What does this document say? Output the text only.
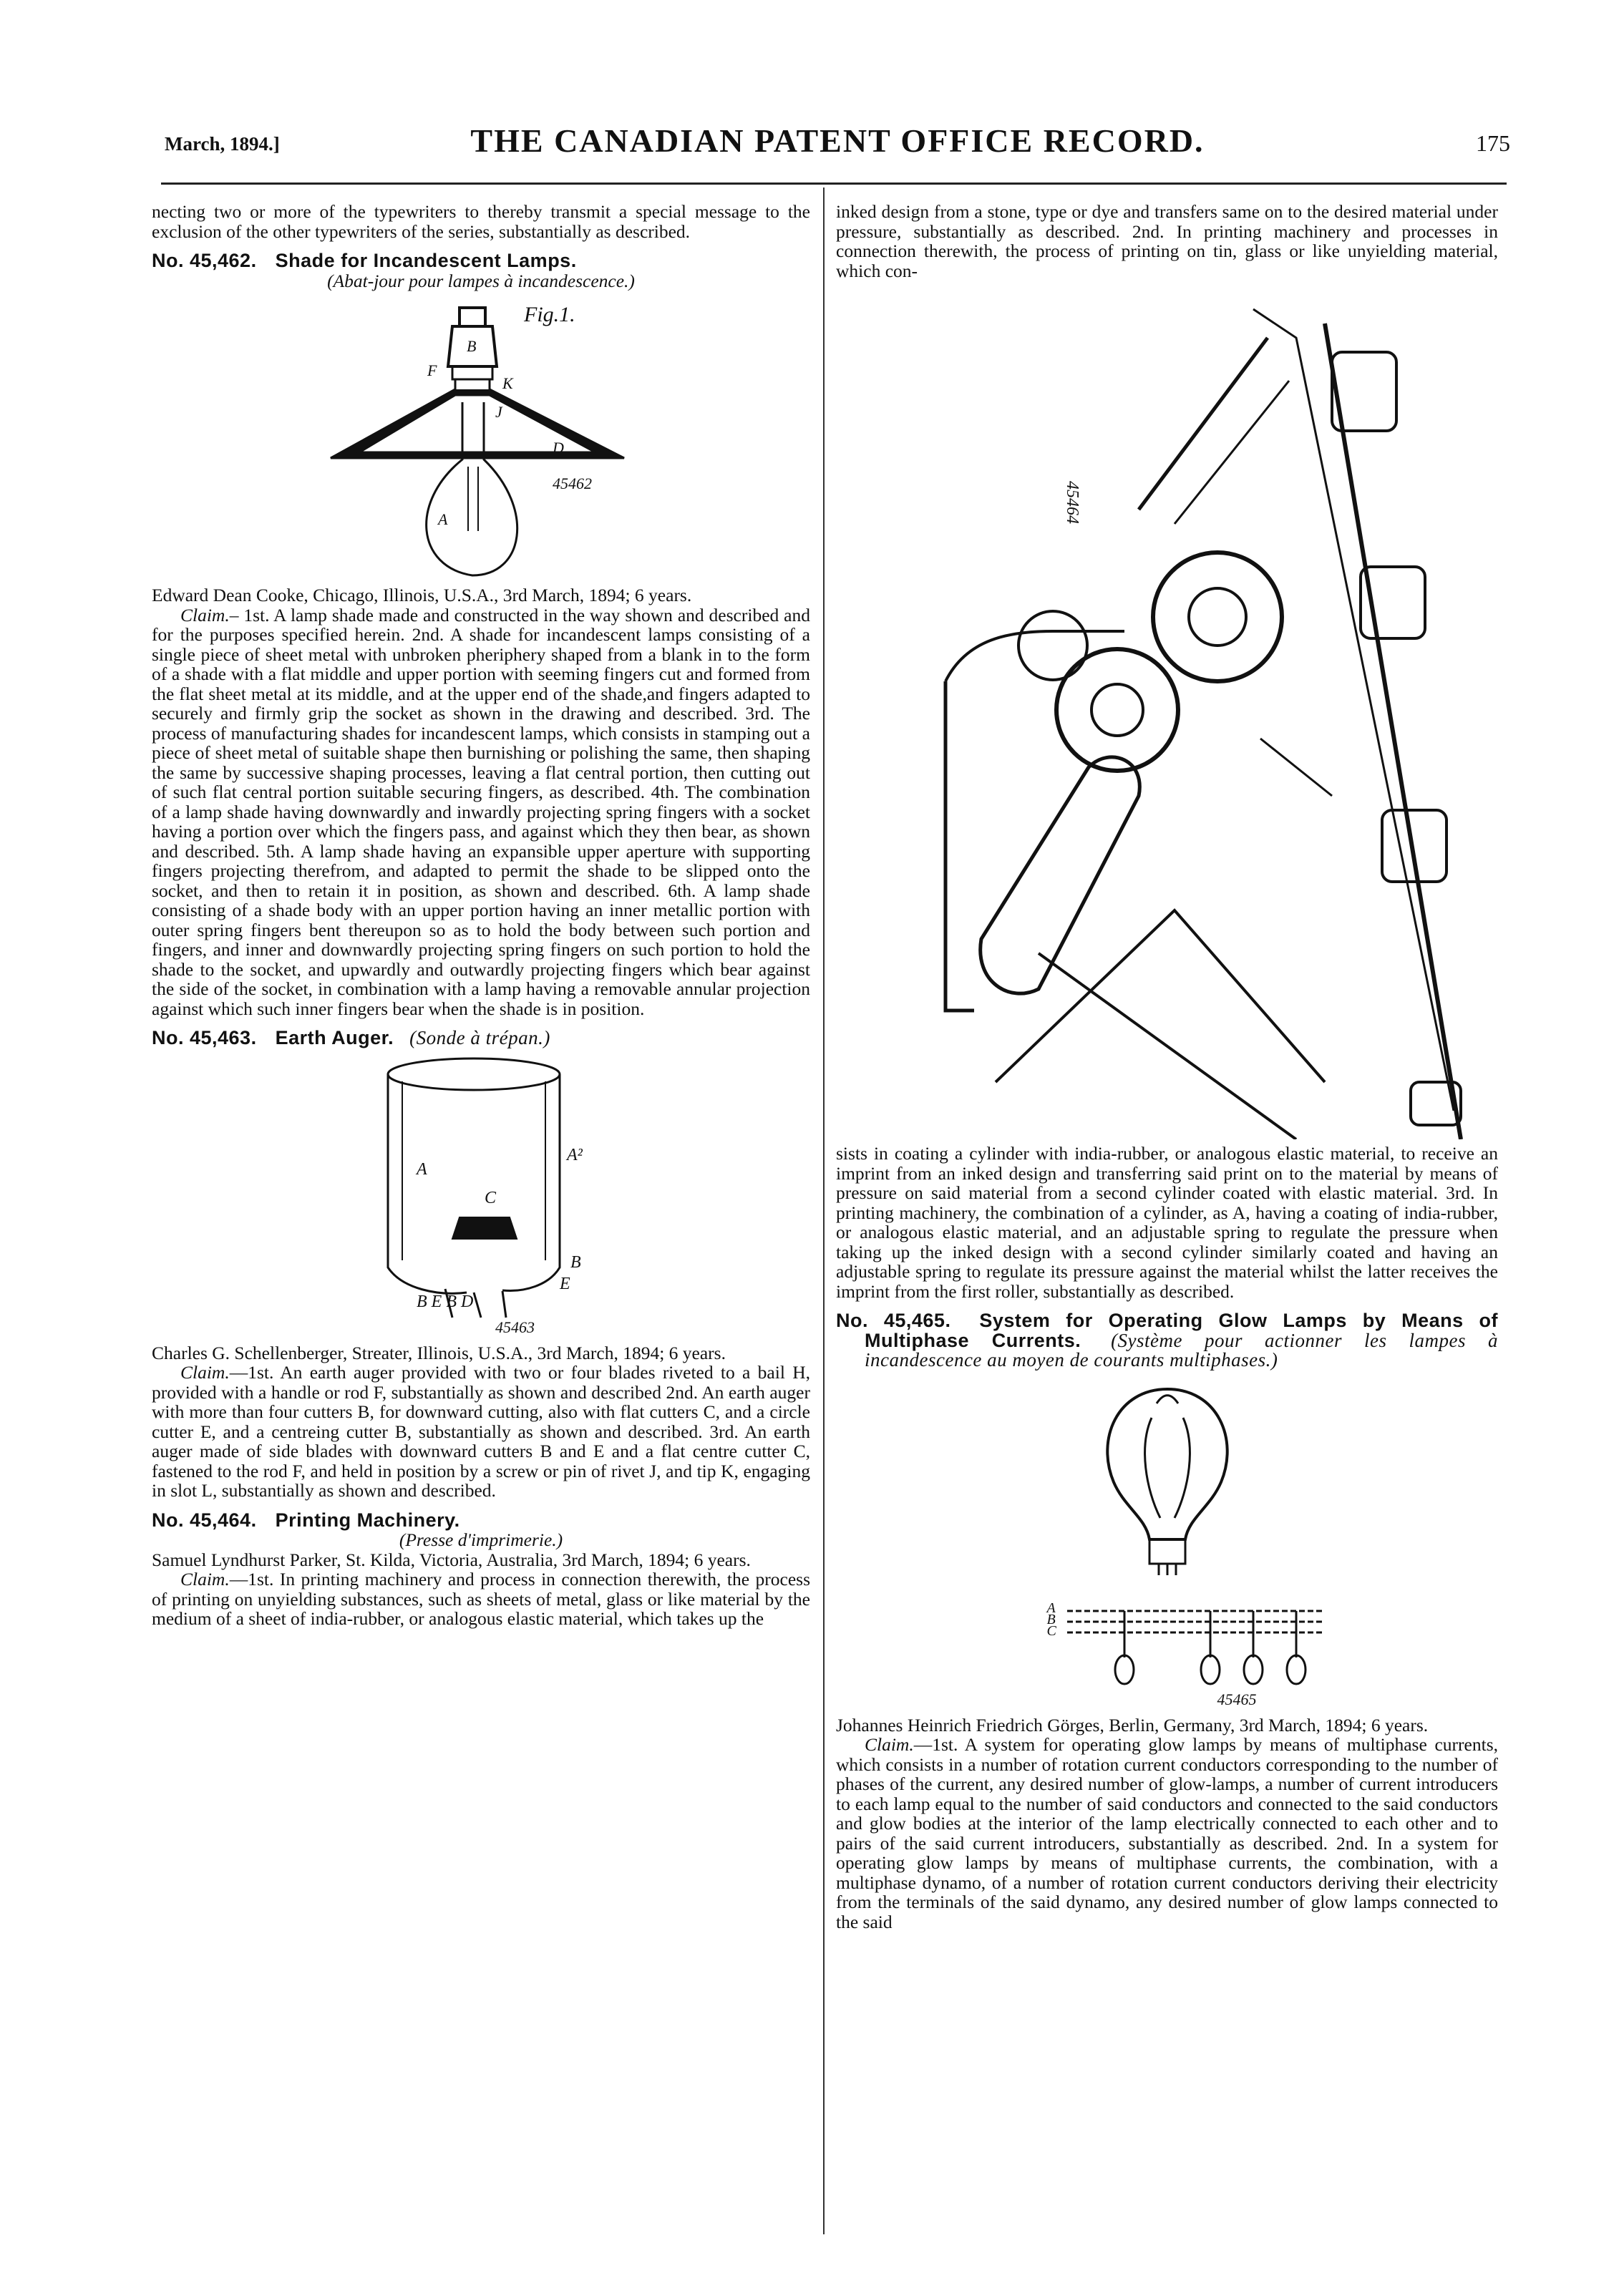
THE CANADIAN PATENT OFFICE RECORD.
March, 1894.]	175

necting two or more of the typewriters to thereby transmit a special message to the exclusion of the other typewriters of the series, substantially as described.

No. 45,462. Shade for Incandescent Lamps.

(Abat-jour pour lampes à incandescence.)

Fig.1.
45462
B
F
K
J
D
A

Edward Dean Cooke, Chicago, Illinois, U.S.A., 3rd March, 1894; 6 years.

Claim.– 1st. A lamp shade made and constructed in the way shown and described and for the purposes specified herein. 2nd. A shade for incandescent lamps consisting of a single piece of sheet metal with unbroken pheriphery shaped from a blank in to the form of a shade with a flat middle and upper portion with seeming fingers cut and formed from the flat sheet metal at its middle, and at the upper end of the shade,and fingers adapted to securely and firmly grip the socket as shown in the drawing and described. 3rd. The process of manufacturing shades for incandescent lamps, which consists in stamping out a piece of sheet metal of suitable shape then burnishing or polishing the same, then shaping the same by successive shaping processes, leaving a flat central portion, then cutting out of such flat central portion suitable securing fingers, as described. 4th. The combination of a lamp shade having downwardly and inwardly projecting spring fingers with a socket having a portion over which the fingers pass, and against which they then bear, as shown and described. 5th. A lamp shade having an expansible upper aperture with supporting fingers projecting therefrom, and adapted to permit the shade to be slipped onto the socket, and then to retain it in position, as shown and described. 6th. A lamp shade consisting of a shade body with an upper portion having an inner metallic portion with outer spring fingers bent thereupon so as to hold the body between such portion and fingers, and inner and downwardly projecting spring fingers on such portion to hold the shade to the socket, and upwardly and outwardly projecting fingers which bear against the side of the socket, in combination with a lamp having a removable annular projection against which such inner fingers bear when the shade is in position.

No. 45,463. Earth Auger. (Sonde à trépan.)
45463
A
A²
C
B
E
B E B D

Charles G. Schellenberger, Streater, Illinois, U.S.A., 3rd March, 1894; 6 years.

Claim.—1st. An earth auger provided with two or four blades riveted to a bail H, provided with a handle or rod F, substantially as shown and described 2nd. An earth auger with more than four cutters B, for downward cutting, also with flat cutters C, and a circle cutter E, and a centreing cutter B, substantially as shown and described. 3rd. An earth auger made of side blades with downward cutters B and E and a flat centre cutter C, fastened to the rod F, and held in position by a screw or pin of rivet J, and tip K, engaging in slot L, substantially as shown and described.

No. 45,464. Printing Machinery.

(Presse d'imprimerie.)

Samuel Lyndhurst Parker, St. Kilda, Victoria, Australia, 3rd March, 1894; 6 years.

Claim.—1st. In printing machinery and process in connection therewith, the process of printing on unyielding substances, such as sheets of metal, glass or like material by the medium of a sheet of india-rubber, or analogous elastic material, which takes up the

inked design from a stone, type or dye and transfers same on to the desired material under pressure, substantially as described. 2nd. In printing machinery and processes in connection therewith, the process of printing on tin, glass or like unyielding material, which con-

45464

sists in coating a cylinder with india-rubber, or analogous elastic material, to receive an imprint from an inked design and transferring said print on to the material by means of pressure on said material from a second cylinder coated with elastic material. 3rd. In printing machinery, the combination of a cylinder, as A, having a coating of india-rubber, or analogous elastic material, and an adjustable spring to regulate the pressure when taking up the inked design with a second cylinder similarly coated and having an adjustable spring to regulate its pressure against the material whilst the latter receives the imprint from the first roller, substantially as described.

No. 45,465. System for Operating Glow Lamps by Means of Multiphase Currents. (Système pour actionner les lampes à incandescence au moyen de courants multiphases.)
A
B
C
45465

Johannes Heinrich Friedrich Görges, Berlin, Germany, 3rd March, 1894; 6 years.

Claim.—1st. A system for operating glow lamps by means of multiphase currents, which consists in a number of rotation current conductors corresponding to the number of phases of the current, any desired number of glow-lamps, a number of current introducers to each lamp equal to the number of said conductors and connected to the said conductors and glow bodies at the interior of the lamp electrically connected to each other and to pairs of the said current introducers, substantially as described. 2nd. In a system for operating glow lamps by means of multiphase currents, the combination, with a multiphase dynamo, of a number of rotation current conductors deriving their electricity from the terminals of the said dynamo, any desired number of glow lamps connected to the said
